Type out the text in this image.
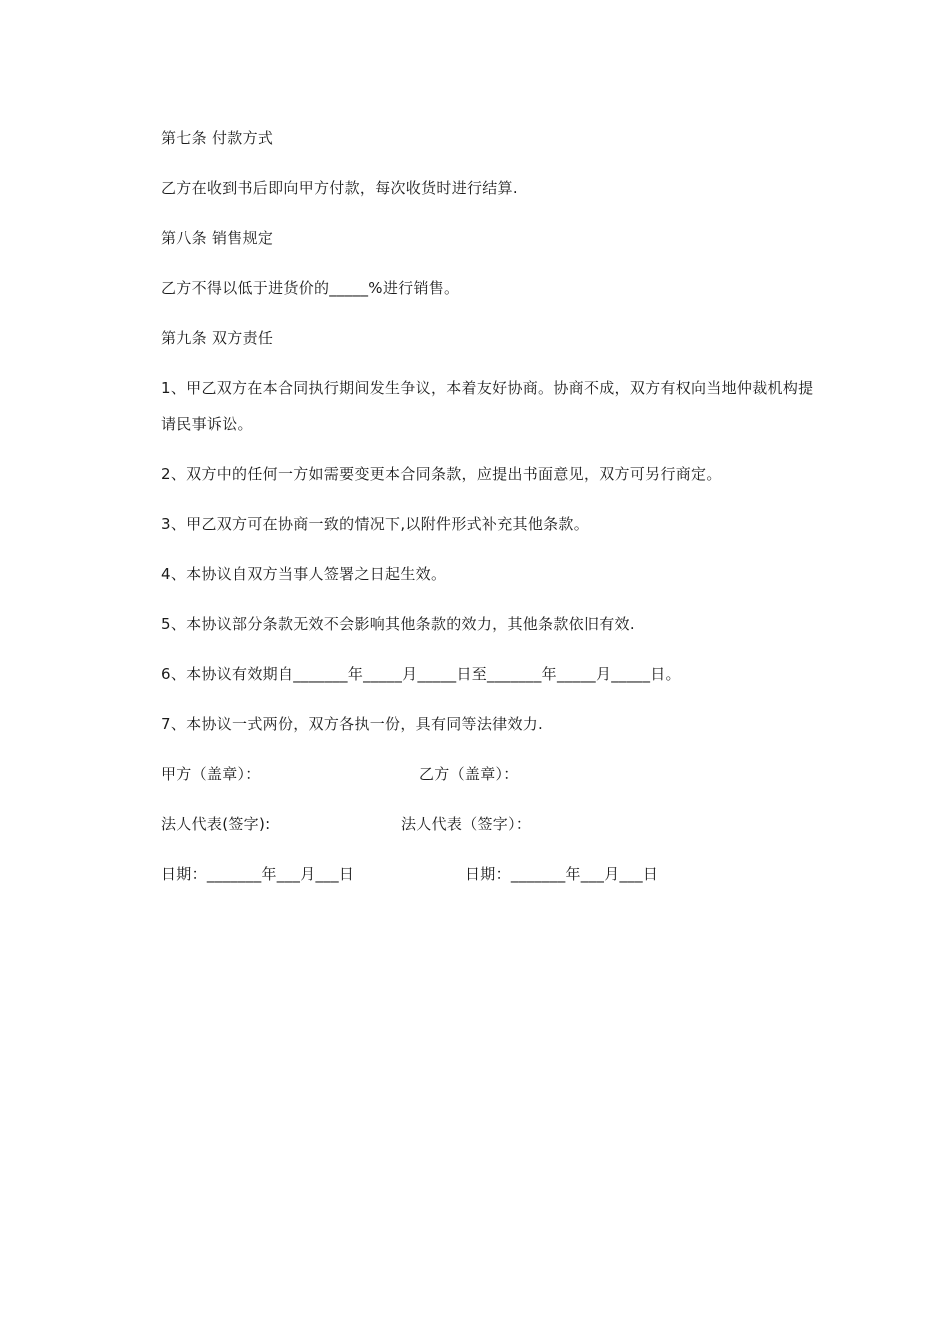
第七条 付款方式
乙方在收到书后即向甲方付款，每次收货时进行结算.
第八条 销售规定
乙方不得以低于进货价的_____%进行销售。
第九条 双方责任
1、甲乙双方在本合同执行期间发生争议，本着友好协商。协商不成，双方有权向当地仲裁机构提请民事诉讼。
2、双方中的任何一方如需要变更本合同条款，应提出书面意见，双方可另行商定。
3、甲乙双方可在协商一致的情况下,以附件形式补充其他条款。
4、本协议自双方当事人签署之日起生效。
5、本协议部分条款无效不会影响其他条款的效力，其他条款依旧有效.
6、本协议有效期自_______年_____月_____日至_______年_____月_____日。
7、本协议一式两份，双方各执一份，具有同等法律效力.
甲方（盖章）：	乙方（盖章）：
法人代表(签字):	法人代表（签字）：
日期：_______年___月___日	日期：_______年___月___日
